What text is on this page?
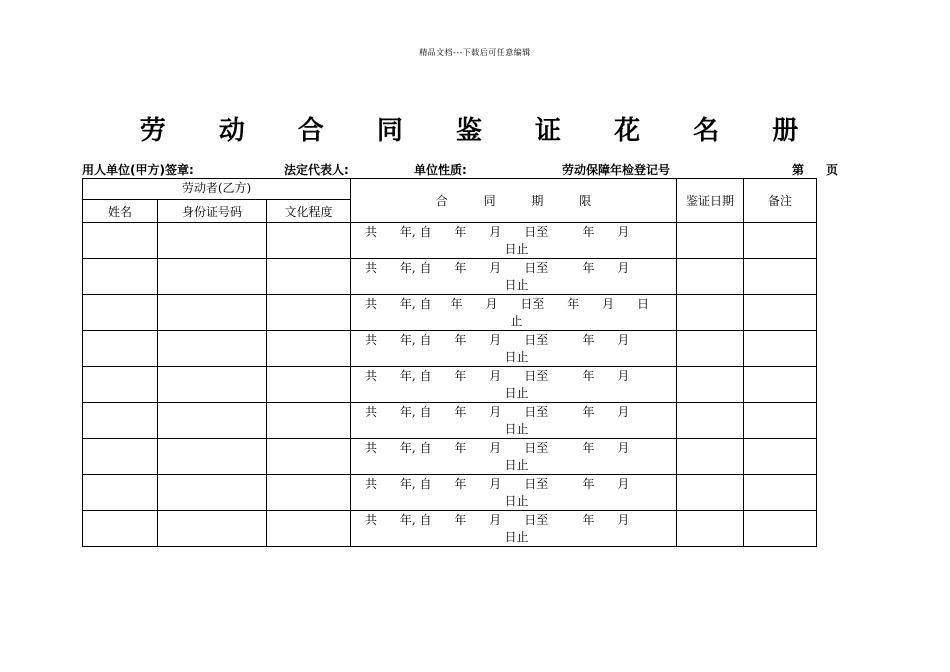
精品文档---下载后可任意编辑
劳 动 合 同 鉴 证 花 名 册
用人单位(甲方)签章:	法定代表人:	单位性质:	劳动保障年检登记号	第 页
劳动者(乙方)			合 同 期 限	鉴证日期	备注
姓名	身份证号码	文化程度			

			共      年, 自      年      月      日至         年      月
日止		

			共      年, 自      年      月      日至         年      月
日止		

			共      年, 自     年      月      日至      年      月      日
止		

			共      年, 自      年      月      日至         年      月
日止		

			共      年, 自      年      月      日至         年      月
日止		

			共      年, 自      年      月      日至         年      月
日止		

			共      年, 自      年      月      日至         年      月
日止		

			共      年, 自      年      月      日至         年      月
日止		

			共      年, 自      年      月      日至         年      月
日止		
